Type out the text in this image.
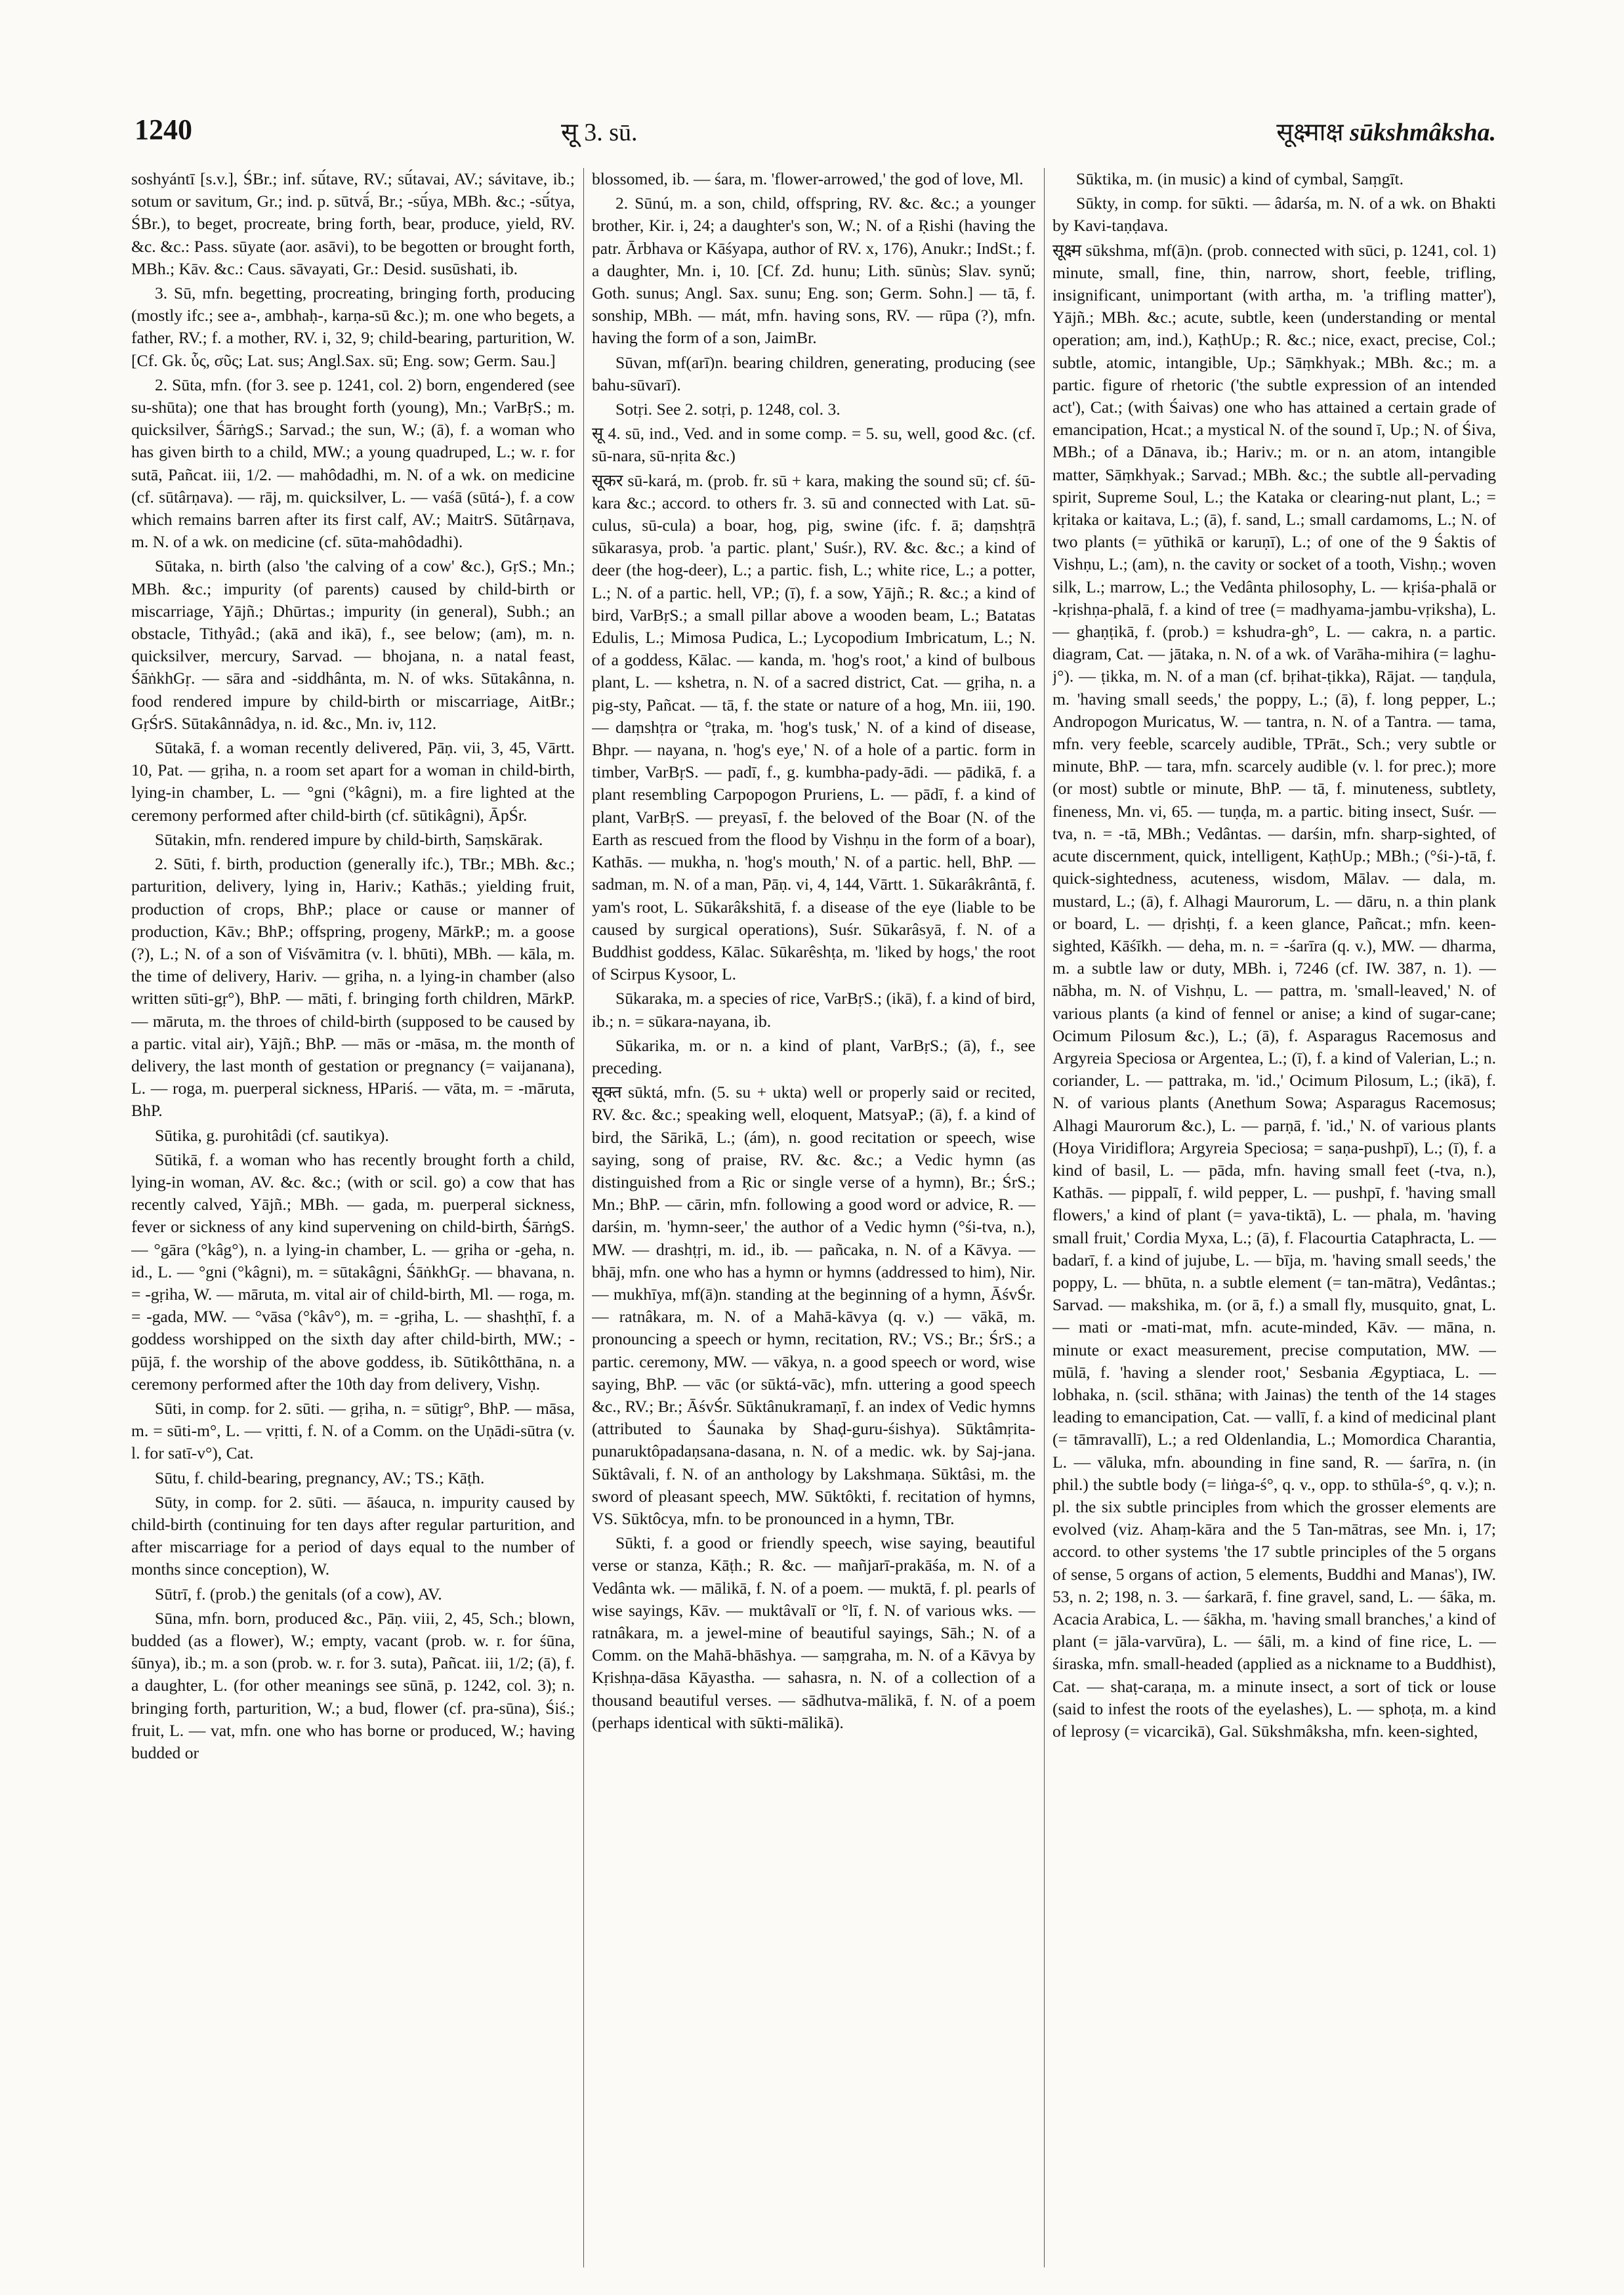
1240	सू 3. sū.	सूक्ष्माक्ष sūkshmâksha.

soshyántī [s.v.], ŚBr.; inf. sū́tave, RV.; sū́tavai, AV.; sávitave, ib.; sotum or savitum, Gr.; ind. p. sūtvā́, Br.; -sū́ya, MBh. &c.; -sū́tya, ŚBr.), to beget, procreate, bring forth, bear, produce, yield, RV. &c. &c.: Pass. sūyate (aor. asāvi), to be begotten or brought forth, MBh.; Kāv. &c.: Caus. sāvayati, Gr.: Desid. susūshati, ib.

3. Sū, mfn. begetting, procreating, bringing forth, producing (mostly ifc.; see a-, ambhaḥ-, karṇa-sū &c.); m. one who begets, a father, RV.; f. a mother, RV. i, 32, 9; child-bearing, parturition, W. [Cf. Gk. ὗς, σῦς; Lat. sus; Angl.Sax. sū; Eng. sow; Germ. Sau.]

2. Sūta, mfn. (for 3. see p. 1241, col. 2) born, engendered (see su-shūta); one that has brought forth (young), Mn.; VarBṛS.; m. quicksilver, ŚārṅgS.; Sarvad.; the sun, W.; (ā), f. a woman who has given birth to a child, MW.; a young quadruped, L.; w. r. for sutā, Pañcat. iii, 1/2. — mahôdadhi, m. N. of a wk. on medicine (cf. sūtârṇava). — rāj, m. quicksilver, L. — vaśā (sūtá-), f. a cow which remains barren after its first calf, AV.; MaitrS. Sūtârṇava, m. N. of a wk. on medicine (cf. sūta-mahôdadhi).

Sūtaka, n. birth (also 'the calving of a cow' &c.), GṛS.; Mn.; MBh. &c.; impurity (of parents) caused by child-birth or miscarriage, Yājñ.; Dhūrtas.; impurity (in general), Subh.; an obstacle, Tithyâd.; (akā and ikā), f., see below; (am), m. n. quicksilver, mercury, Sarvad. — bhojana, n. a natal feast, ŚāṅkhGṛ. — sāra and -siddhânta, m. N. of wks. Sūtakânna, n. food rendered impure by child-birth or miscarriage, AitBr.; GṛŚrS. Sūtakânnâdya, n. id. &c., Mn. iv, 112.

Sūtakā, f. a woman recently delivered, Pāṇ. vii, 3, 45, Vārtt. 10, Pat. — gṛiha, n. a room set apart for a woman in child-birth, lying-in chamber, L. — °gni (°kâgni), m. a fire lighted at the ceremony performed after child-birth (cf. sūtikâgni), ĀpŚr.

Sūtakin, mfn. rendered impure by child-birth, Saṃskārak.

2. Sūti, f. birth, production (generally ifc.), TBr.; MBh. &c.; parturition, delivery, lying in, Hariv.; Kathās.; yielding fruit, production of crops, BhP.; place or cause or manner of production, Kāv.; BhP.; offspring, progeny, MārkP.; m. a goose (?), L.; N. of a son of Viśvāmitra (v. l. bhūti), MBh. — kāla, m. the time of delivery, Hariv. — gṛiha, n. a lying-in chamber (also written sūti-gṛ°), BhP. — māti, f. bringing forth children, MārkP. — māruta, m. the throes of child-birth (supposed to be caused by a partic. vital air), Yājñ.; BhP. — mās or -māsa, m. the month of delivery, the last month of gestation or pregnancy (= vaijanana), L. — roga, m. puerperal sickness, HPariś. — vāta, m. = -māruta, BhP.

Sūtika, g. purohitâdi (cf. sautikya).

Sūtikā, f. a woman who has recently brought forth a child, lying-in woman, AV. &c. &c.; (with or scil. go) a cow that has recently calved, Yājñ.; MBh. — gada, m. puerperal sickness, fever or sickness of any kind supervening on child-birth, ŚārṅgS. — °gāra (°kâg°), n. a lying-in chamber, L. — gṛiha or -geha, n. id., L. — °gni (°kâgni), m. = sūtakâgni, ŚāṅkhGṛ. — bhavana, n. = -gṛiha, W. — māruta, m. vital air of child-birth, Ml. — roga, m. = -gada, MW. — °vāsa (°kâv°), m. = -gṛiha, L. — shashṭhī, f. a goddess worshipped on the sixth day after child-birth, MW.; -pūjā, f. the worship of the above goddess, ib. Sūtikôtthāna, n. a ceremony performed after the 10th day from delivery, Vishṇ.

Sūti, in comp. for 2. sūti. — gṛiha, n. = sūtigṛ°, BhP. — māsa, m. = sūti-m°, L. — vṛitti, f. N. of a Comm. on the Uṇādi-sūtra (v. l. for satī-v°), Cat.

Sūtu, f. child-bearing, pregnancy, AV.; TS.; Kāṭh.

Sūty, in comp. for 2. sūti. — āśauca, n. impurity caused by child-birth (continuing for ten days after regular parturition, and after miscarriage for a period of days equal to the number of months since conception), W.

Sūtrī, f. (prob.) the genitals (of a cow), AV.

Sūna, mfn. born, produced &c., Pāṇ. viii, 2, 45, Sch.; blown, budded (as a flower), W.; empty, vacant (prob. w. r. for śūna, śūnya), ib.; m. a son (prob. w. r. for 3. suta), Pañcat. iii, 1/2; (ā), f. a daughter, L. (for other meanings see sūnā, p. 1242, col. 3); n. bringing forth, parturition, W.; a bud, flower (cf. pra-sūna), Śiś.; fruit, L. — vat, mfn. one who has borne or produced, W.; having budded or

blossomed, ib. — śara, m. 'flower-arrowed,' the god of love, Ml.

2. Sūnú, m. a son, child, offspring, RV. &c. &c.; a younger brother, Kir. i, 24; a daughter's son, W.; N. of a Ṛishi (having the patr. Ārbhava or Kāśyapa, author of RV. x, 176), Anukr.; IndSt.; f. a daughter, Mn. i, 10. [Cf. Zd. hunu; Lith. sūnùs; Slav. synŭ; Goth. sunus; Angl. Sax. sunu; Eng. son; Germ. Sohn.] — tā, f. sonship, MBh. — mát, mfn. having sons, RV. — rūpa (?), mfn. having the form of a son, JaimBr.

Sūvan, mf(arī)n. bearing children, generating, producing (see bahu-sūvarī).

Sotṛi. See 2. sotṛi, p. 1248, col. 3.

सू 4. sū, ind., Ved. and in some comp. = 5. su, well, good &c. (cf. sū-nara, sū-nṛita &c.)

सूकर sū-kará, m. (prob. fr. sū + kara, making the sound sū; cf. śū-kara &c.; accord. to others fr. 3. sū and connected with Lat. sū-culus, sū-cula) a boar, hog, pig, swine (ifc. f. ā; daṃshṭrā sūkarasya, prob. 'a partic. plant,' Suśr.), RV. &c. &c.; a kind of deer (the hog-deer), L.; a partic. fish, L.; white rice, L.; a potter, L.; N. of a partic. hell, VP.; (ī), f. a sow, Yājñ.; R. &c.; a kind of bird, VarBṛS.; a small pillar above a wooden beam, L.; Batatas Edulis, L.; Mimosa Pudica, L.; Lycopodium Imbricatum, L.; N. of a goddess, Kālac. — kanda, m. 'hog's root,' a kind of bulbous plant, L. — kshetra, n. N. of a sacred district, Cat. — gṛiha, n. a pig-sty, Pañcat. — tā, f. the state or nature of a hog, Mn. iii, 190. — daṃshṭra or °ṭraka, m. 'hog's tusk,' N. of a kind of disease, Bhpr. — nayana, n. 'hog's eye,' N. of a hole of a partic. form in timber, VarBṛS. — padī, f., g. kumbha-pady-ādi. — pādikā, f. a plant resembling Carpopogon Pruriens, L. — pādī, f. a kind of plant, VarBṛS. — preyasī, f. the beloved of the Boar (N. of the Earth as rescued from the flood by Vishṇu in the form of a boar), Kathās. — mukha, n. 'hog's mouth,' N. of a partic. hell, BhP. — sadman, m. N. of a man, Pāṇ. vi, 4, 144, Vārtt. 1. Sūkarâkrântā, f. yam's root, L. Sūkarâkshitā, f. a disease of the eye (liable to be caused by surgical operations), Suśr. Sūkarâsyā, f. N. of a Buddhist goddess, Kālac. Sūkarêshṭa, m. 'liked by hogs,' the root of Scirpus Kysoor, L.

Sūkaraka, m. a species of rice, VarBṛS.; (ikā), f. a kind of bird, ib.; n. = sūkara-nayana, ib.

Sūkarika, m. or n. a kind of plant, VarBṛS.; (ā), f., see preceding.

सूक्त sūktá, mfn. (5. su + ukta) well or properly said or recited, RV. &c. &c.; speaking well, eloquent, MatsyaP.; (ā), f. a kind of bird, the Sārikā, L.; (ám), n. good recitation or speech, wise saying, song of praise, RV. &c. &c.; a Vedic hymn (as distinguished from a Ṛic or single verse of a hymn), Br.; ŚrS.; Mn.; BhP. — cārin, mfn. following a good word or advice, R. — darśin, m. 'hymn-seer,' the author of a Vedic hymn (°śi-tva, n.), MW. — drashṭṛi, m. id., ib. — pañcaka, n. N. of a Kāvya. — bhāj, mfn. one who has a hymn or hymns (addressed to him), Nir. — mukhīya, mf(ā)n. standing at the beginning of a hymn, ĀśvŚr. — ratnâkara, m. N. of a Mahā-kāvya (q. v.) — vākā, m. pronouncing a speech or hymn, recitation, RV.; VS.; Br.; ŚrS.; a partic. ceremony, MW. — vākya, n. a good speech or word, wise saying, BhP. — vāc (or sūktá-vāc), mfn. uttering a good speech &c., RV.; Br.; ĀśvŚr. Sūktânukramaṇī, f. an index of Vedic hymns (attributed to Śaunaka by Shaḍ-guru-śishya). Sūktâmṛita-punaruktôpadaṇsana-dasana, n. N. of a medic. wk. by Saj-jana. Sūktâvali, f. N. of an anthology by Lakshmaṇa. Sūktâsi, m. the sword of pleasant speech, MW. Sūktôkti, f. recitation of hymns, VS. Sūktôcya, mfn. to be pronounced in a hymn, TBr.

Sūkti, f. a good or friendly speech, wise saying, beautiful verse or stanza, Kāṭh.; R. &c. — mañjarī-prakāśa, m. N. of a Vedânta wk. — mālikā, f. N. of a poem. — muktā, f. pl. pearls of wise sayings, Kāv. — muktâvalī or °lī, f. N. of various wks. — ratnâkara, m. a jewel-mine of beautiful sayings, Sāh.; N. of a Comm. on the Mahā-bhāshya. — saṃgraha, m. N. of a Kāvya by Kṛishṇa-dāsa Kāyastha. — sahasra, n. N. of a collection of a thousand beautiful verses. — sādhutva-mālikā, f. N. of a poem (perhaps identical with sūkti-mālikā).

Sūktika, m. (in music) a kind of cymbal, Saṃgīt.

Sūkty, in comp. for sūkti. — âdarśa, m. N. of a wk. on Bhakti by Kavi-taṇḍava.

सूक्ष्म sūkshma, mf(ā)n. (prob. connected with sūci, p. 1241, col. 1) minute, small, fine, thin, narrow, short, feeble, trifling, insignificant, unimportant (with artha, m. 'a trifling matter'), Yājñ.; MBh. &c.; acute, subtle, keen (understanding or mental operation; am, ind.), KaṭhUp.; R. &c.; nice, exact, precise, Col.; subtle, atomic, intangible, Up.; Sāṃkhyak.; MBh. &c.; m. a partic. figure of rhetoric ('the subtle expression of an intended act'), Cat.; (with Śaivas) one who has attained a certain grade of emancipation, Hcat.; a mystical N. of the sound ī, Up.; N. of Śiva, MBh.; of a Dānava, ib.; Hariv.; m. or n. an atom, intangible matter, Sāṃkhyak.; Sarvad.; MBh. &c.; the subtle all-pervading spirit, Supreme Soul, L.; the Kataka or clearing-nut plant, L.; = kṛitaka or kaitava, L.; (ā), f. sand, L.; small cardamoms, L.; N. of two plants (= yūthikā or karuṇī), L.; of one of the 9 Śaktis of Vishṇu, L.; (am), n. the cavity or socket of a tooth, Vishṇ.; woven silk, L.; marrow, L.; the Vedânta philosophy, L. — kṛiśa-phalā or -kṛishṇa-phalā, f. a kind of tree (= madhyama-jambu-vṛiksha), L. — ghaṇṭikā, f. (prob.) = kshudra-gh°, L. — cakra, n. a partic. diagram, Cat. — jātaka, n. N. of a wk. of Varāha-mihira (= laghu-j°). — ṭikka, m. N. of a man (cf. bṛihat-ṭikka), Rājat. — taṇḍula, m. 'having small seeds,' the poppy, L.; (ā), f. long pepper, L.; Andropogon Muricatus, W. — tantra, n. N. of a Tantra. — tama, mfn. very feeble, scarcely audible, TPrāt., Sch.; very subtle or minute, BhP. — tara, mfn. scarcely audible (v. l. for prec.); more (or most) subtle or minute, BhP. — tā, f. minuteness, subtlety, fineness, Mn. vi, 65. — tuṇḍa, m. a partic. biting insect, Suśr. — tva, n. = -tā, MBh.; Vedântas. — darśin, mfn. sharp-sighted, of acute discernment, quick, intelligent, KaṭhUp.; MBh.; (°śi-)-tā, f. quick-sightedness, acuteness, wisdom, Mālav. — dala, m. mustard, L.; (ā), f. Alhagi Maurorum, L. — dāru, n. a thin plank or board, L. — dṛishṭi, f. a keen glance, Pañcat.; mfn. keen-sighted, Kāśīkh. — deha, m. n. = -śarīra (q. v.), MW. — dharma, m. a subtle law or duty, MBh. i, 7246 (cf. IW. 387, n. 1). — nābha, m. N. of Vishṇu, L. — pattra, m. 'small-leaved,' N. of various plants (a kind of fennel or anise; a kind of sugar-cane; Ocimum Pilosum &c.), L.; (ā), f. Asparagus Racemosus and Argyreia Speciosa or Argentea, L.; (ī), f. a kind of Valerian, L.; n. coriander, L. — pattraka, m. 'id.,' Ocimum Pilosum, L.; (ikā), f. N. of various plants (Anethum Sowa; Asparagus Racemosus; Alhagi Maurorum &c.), L. — parṇā, f. 'id.,' N. of various plants (Hoya Viridiflora; Argyreia Speciosa; = saṇa-pushpī), L.; (ī), f. a kind of basil, L. — pāda, mfn. having small feet (-tva, n.), Kathās. — pippalī, f. wild pepper, L. — pushpī, f. 'having small flowers,' a kind of plant (= yava-tiktā), L. — phala, m. 'having small fruit,' Cordia Myxa, L.; (ā), f. Flacourtia Cataphracta, L. — badarī, f. a kind of jujube, L. — bīja, m. 'having small seeds,' the poppy, L. — bhūta, n. a subtle element (= tan-mātra), Vedântas.; Sarvad. — makshika, m. (or ā, f.) a small fly, musquito, gnat, L. — mati or -mati-mat, mfn. acute-minded, Kāv. — māna, n. minute or exact measurement, precise computation, MW. — mūlā, f. 'having a slender root,' Sesbania Ægyptiaca, L. — lobhaka, n. (scil. sthāna; with Jainas) the tenth of the 14 stages leading to emancipation, Cat. — vallī, f. a kind of medicinal plant (= tāmravallī), L.; a red Oldenlandia, L.; Momordica Charantia, L. — vāluka, mfn. abounding in fine sand, R. — śarīra, n. (in phil.) the subtle body (= liṅga-ś°, q. v., opp. to sthūla-ś°, q. v.); n. pl. the six subtle principles from which the grosser elements are evolved (viz. Ahaṃ-kāra and the 5 Tan-mātras, see Mn. i, 17; accord. to other systems 'the 17 subtle principles of the 5 organs of sense, 5 organs of action, 5 elements, Buddhi and Manas'), IW. 53, n. 2; 198, n. 3. — śarkarā, f. fine gravel, sand, L. — śāka, m. Acacia Arabica, L. — śākha, m. 'having small branches,' a kind of plant (= jāla-varvūra), L. — śāli, m. a kind of fine rice, L. — śiraska, mfn. small-headed (applied as a nickname to a Buddhist), Cat. — shaṭ-caraṇa, m. a minute insect, a sort of tick or louse (said to infest the roots of the eyelashes), L. — sphoṭa, m. a kind of leprosy (= vicarcikā), Gal. Sūkshmâksha, mfn. keen-sighted,
